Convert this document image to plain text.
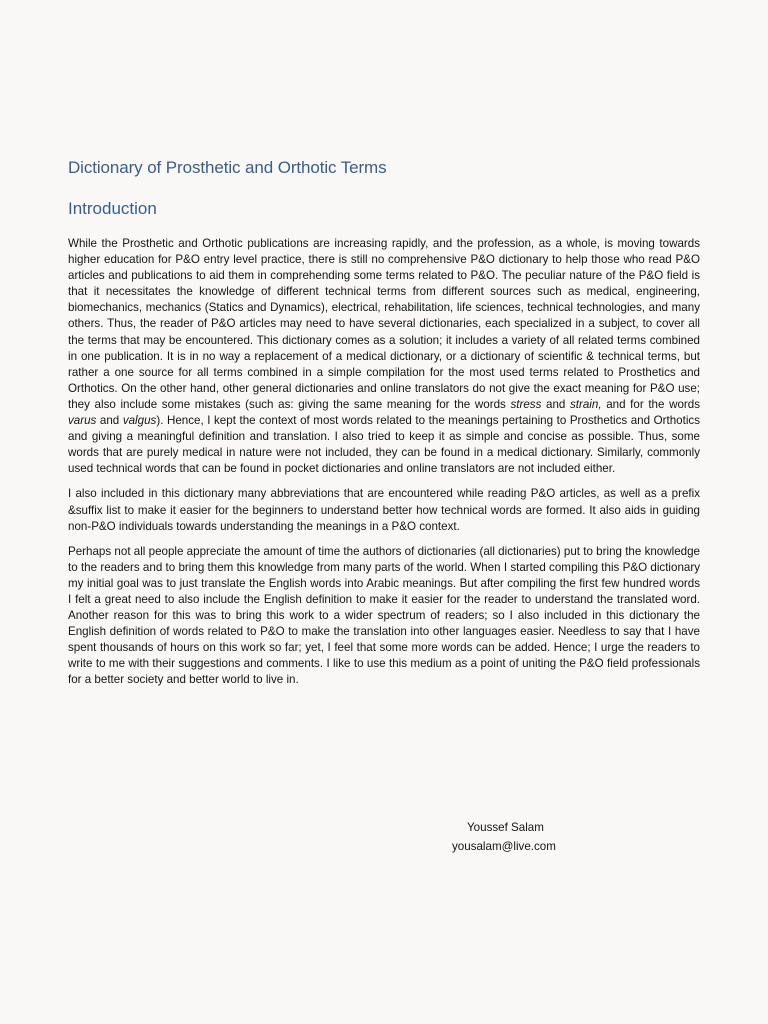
Dictionary of Prosthetic and Orthotic Terms
Introduction

While the Prosthetic and Orthotic publications are increasing rapidly, and the profession, as a whole, is moving towards higher education for P&O entry level practice, there is still no comprehensive P&O dictionary to help those who read P&O articles and publications to aid them in comprehending some terms related to P&O. The peculiar nature of the P&O field is that it necessitates the knowledge of different technical terms from different sources such as medical, engineering, biomechanics, mechanics (Statics and Dynamics), electrical, rehabilitation, life sciences, technical technologies, and many others. Thus, the reader of P&O articles may need to have several dictionaries, each specialized in a subject, to cover all the terms that may be encountered. This dictionary comes as a solution; it includes a variety of all related terms combined in one publication. It is in no way a replacement of a medical dictionary, or a dictionary of scientific & technical terms, but rather a one source for all terms combined in a simple compilation for the most used terms related to Prosthetics and Orthotics. On the other hand, other general dictionaries and online translators do not give the exact meaning for P&O use; they also include some mistakes (such as: giving the same meaning for the words stress and strain, and for the words varus and valgus). Hence, I kept the context of most words related to the meanings pertaining to Prosthetics and Orthotics and giving a meaningful definition and translation. I also tried to keep it as simple and concise as possible. Thus, some words that are purely medical in nature were not included, they can be found in a medical dictionary. Similarly, commonly used technical words that can be found in pocket dictionaries and online translators are not included either.

I also included in this dictionary many abbreviations that are encountered while reading P&O articles, as well as a prefix &suffix list to make it easier for the beginners to understand better how technical words are formed. It also aids in guiding non-P&O individuals towards understanding the meanings in a P&O context.

Perhaps not all people appreciate the amount of time the authors of dictionaries (all dictionaries) put to bring the knowledge to the readers and to bring them this knowledge from many parts of the world. When I started compiling this P&O dictionary my initial goal was to just translate the English words into Arabic meanings. But after compiling the first few hundred words I felt a great need to also include the English definition to make it easier for the reader to understand the translated word. Another reason for this was to bring this work to a wider spectrum of readers; so I also included in this dictionary the English definition of words related to P&O to make the translation into other languages easier. Needless to say that I have spent thousands of hours on this work so far; yet, I feel that some more words can be added. Hence; I urge the readers to write to me with their suggestions and comments. I like to use this medium as a point of uniting the P&O field professionals for a better society and better world to live in.

Youssef Salam
yousalam@live.com
